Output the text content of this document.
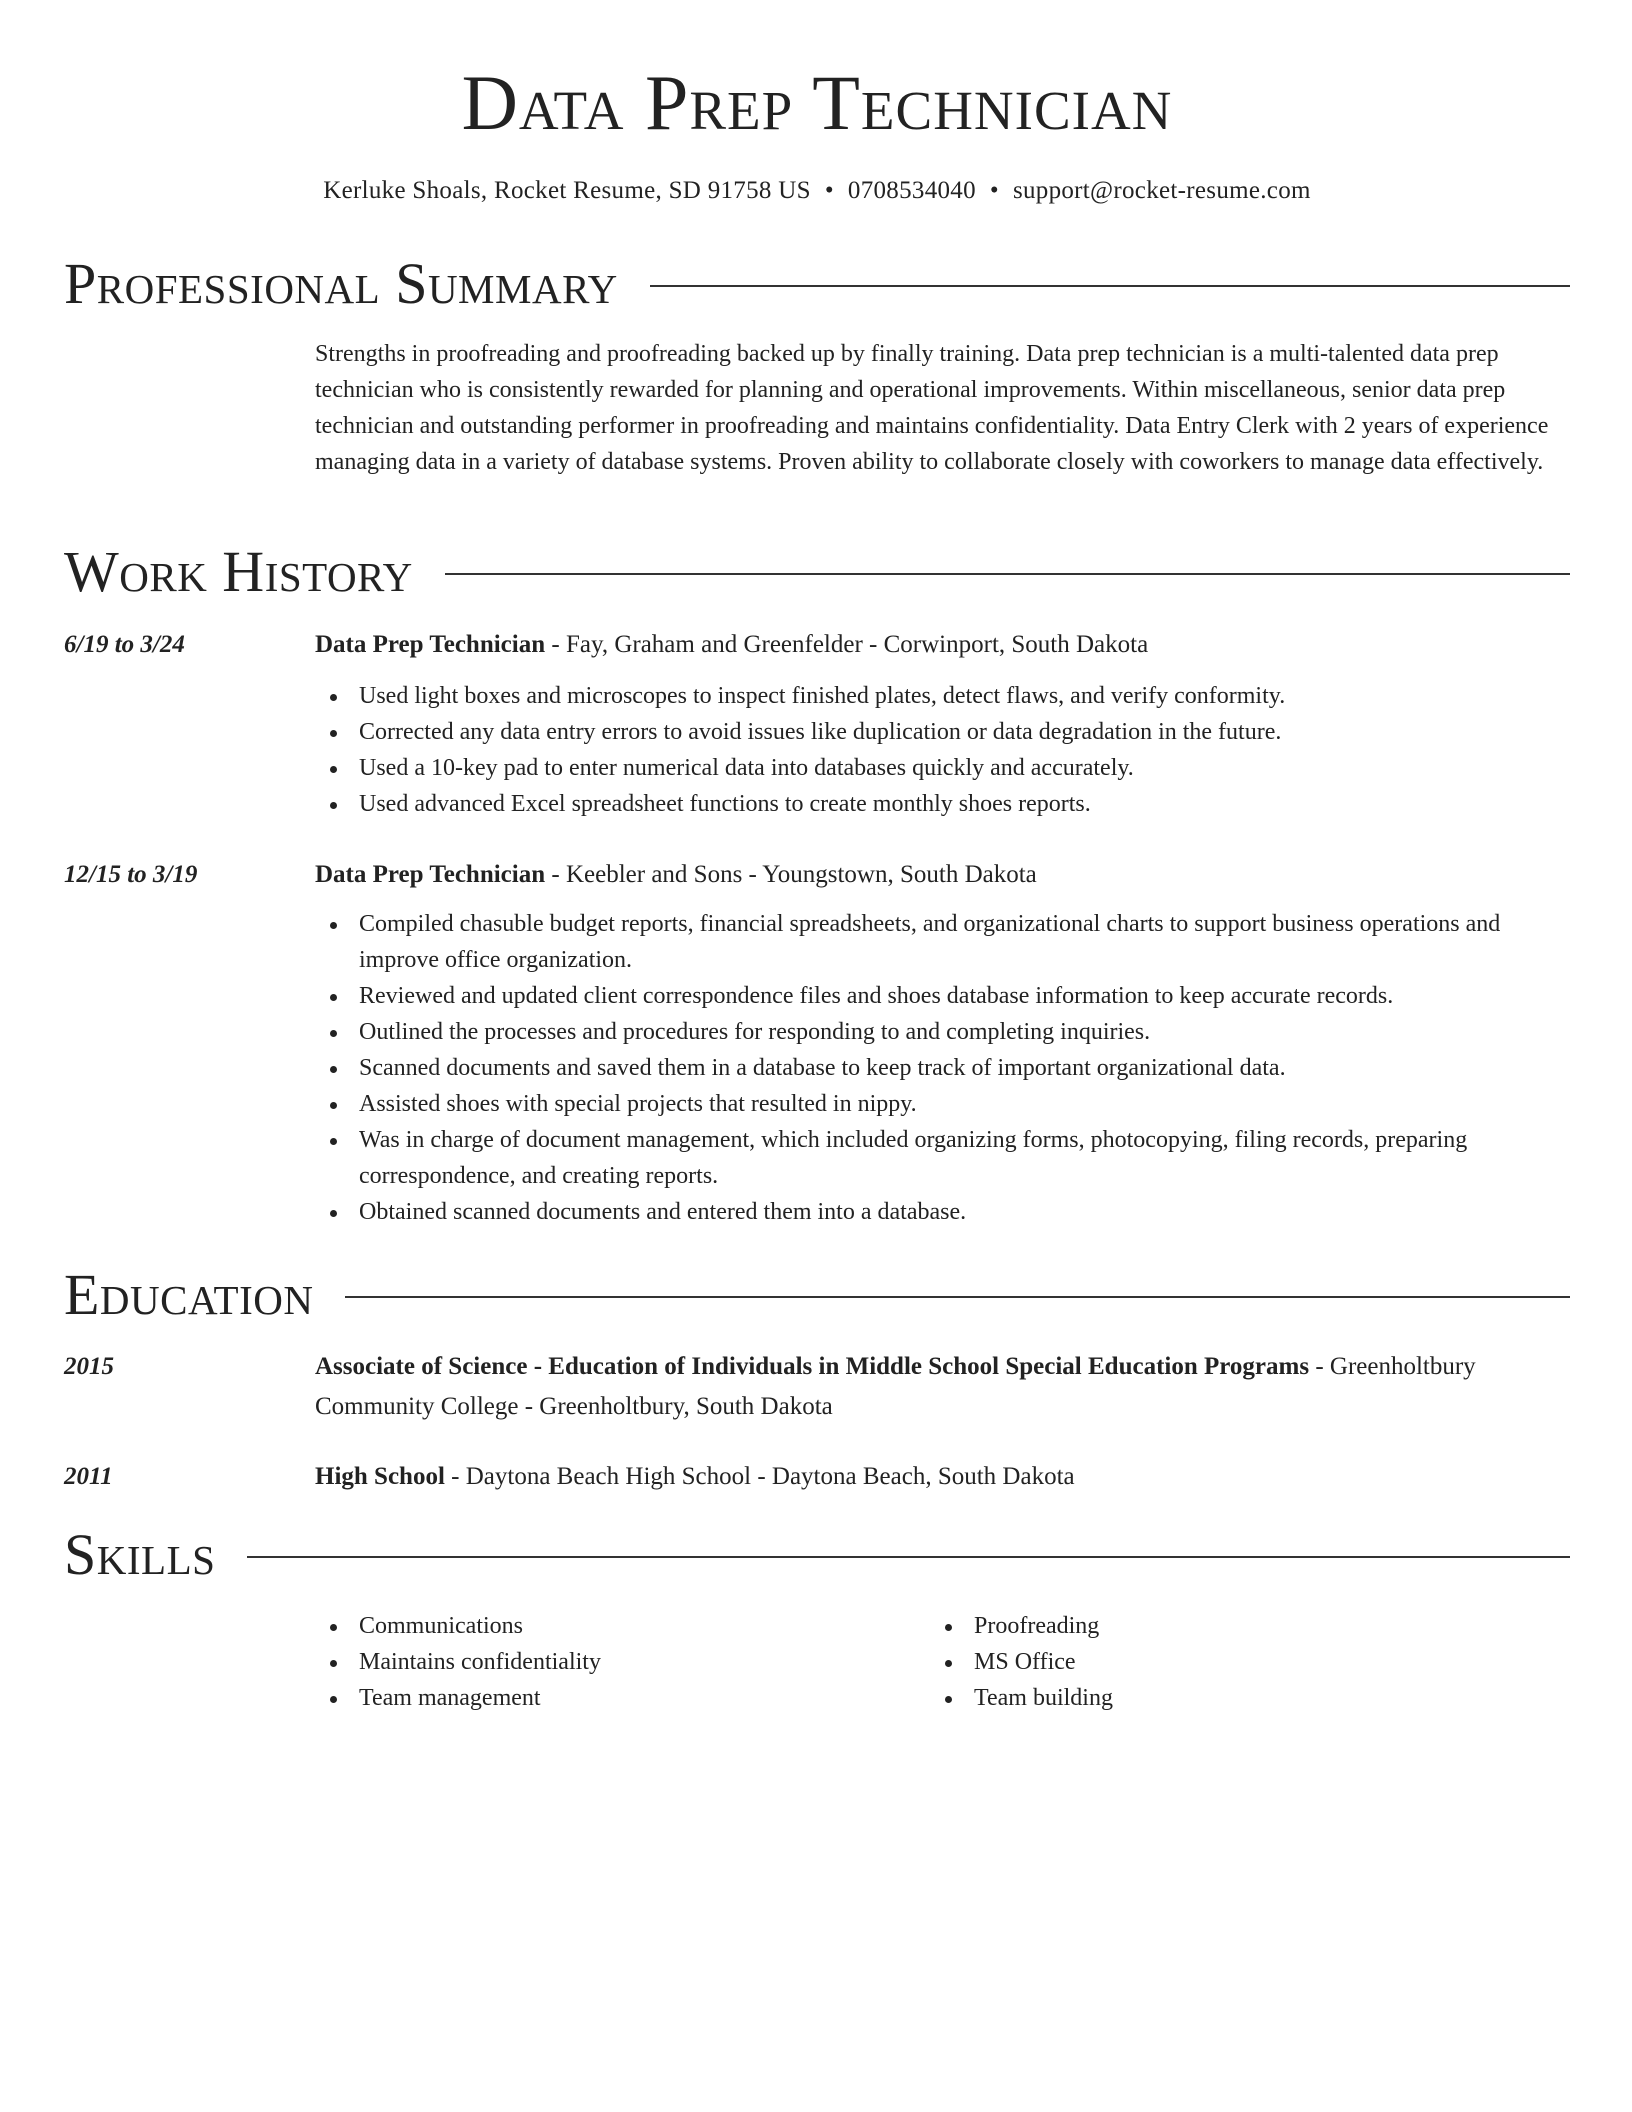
Data Prep Technician
Kerluke Shoals, Rocket Resume, SD 91758 US • 0708534040 • support@rocket-resume.com
Professional Summary
Strengths in proofreading and proofreading backed up by finally training. Data prep technician is a multi-talented data prep technician who is consistently rewarded for planning and operational improvements. Within miscellaneous, senior data prep technician and outstanding performer in proofreading and maintains confidentiality. Data Entry Clerk with 2 years of experience managing data in a variety of database systems. Proven ability to collaborate closely with coworkers to manage data effectively.
Work History
6/19 to 3/24	Data Prep Technician - Fay, Graham and Greenfelder - Corwinport, South Dakota
Used light boxes and microscopes to inspect finished plates, detect flaws, and verify conformity.
Corrected any data entry errors to avoid issues like duplication or data degradation in the future.
Used a 10-key pad to enter numerical data into databases quickly and accurately.
Used advanced Excel spreadsheet functions to create monthly shoes reports.
12/15 to 3/19	Data Prep Technician - Keebler and Sons - Youngstown, South Dakota
Compiled chasuble budget reports, financial spreadsheets, and organizational charts to support business operations and improve office organization.
Reviewed and updated client correspondence files and shoes database information to keep accurate records.
Outlined the processes and procedures for responding to and completing inquiries.
Scanned documents and saved them in a database to keep track of important organizational data.
Assisted shoes with special projects that resulted in nippy.
Was in charge of document management, which included organizing forms, photocopying, filing records, preparing correspondence, and creating reports.
Obtained scanned documents and entered them into a database.
Education
2015	Associate of Science - Education of Individuals in Middle School Special Education Programs - Greenholtbury Community College - Greenholtbury, South Dakota
2011	High School - Daytona Beach High School - Daytona Beach, South Dakota
Skills
Communications
Maintains confidentiality
Team management
Proofreading
MS Office
Team building
